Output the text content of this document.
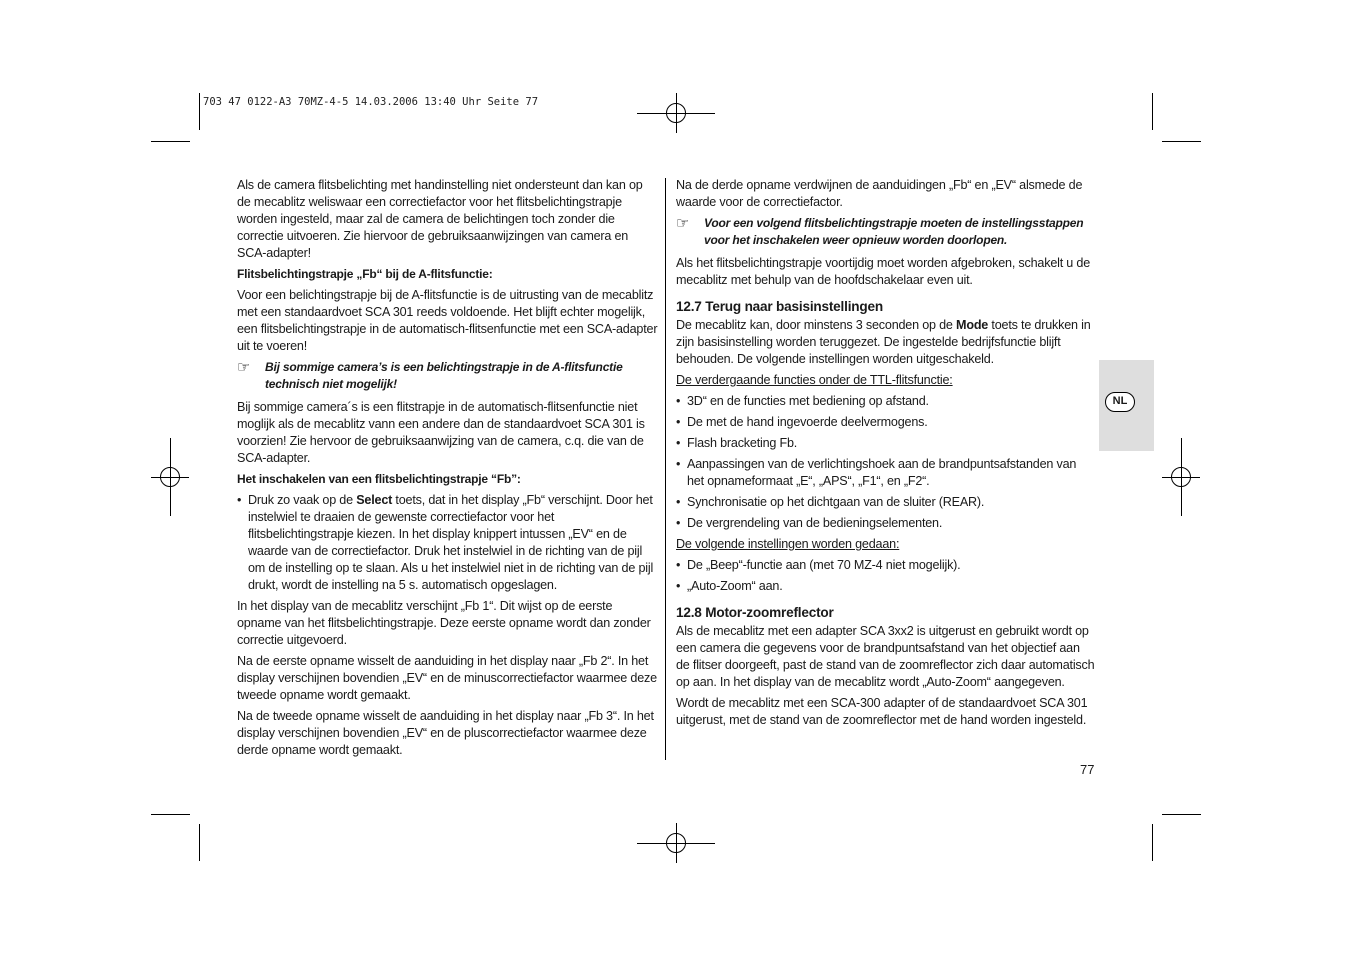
703 47 0122-A3 70MZ-4-5 14.03.2006 13:40 Uhr Seite 77

Als de camera flitsbelichting met handinstelling niet ondersteunt dan kan op de mecablitz weliswaar een correctiefactor voor het flitsbelichtingstrapje worden ingesteld, maar zal de camera de belichtingen toch zonder die correctie uitvoeren. Zie hiervoor de gebruiksaanwijzingen van camera en SCA-adapter!

Flitsbelichtingstrapje „Fb“ bij de A-flitsfunctie:

Voor een belichtingstrapje bij de A-flitsfunctie is de uitrusting van de mecablitz met een standaardvoet SCA 301 reeds voldoende. Het blijft echter mogelijk, een flitsbelichtingstrapje in de automatisch-flitsenfunctie met een SCA-adapter uit te voeren!

☞	Bij sommige camera’s is een belichtingstrapje in de A-flitsfunctie technisch niet mogelijk!

Bij sommige camera´s is een flitstrapje in de automatisch-flitsenfunctie niet moglijk als de mecablitz vann een andere dan de standaardvoet SCA 301 is voorzien! Zie hervoor de gebruiksaanwijzing van de camera, c.q. die van de SCA-adapter.

Het inschakelen van een flitsbelichtingstrapje “Fb”:
• Druk zo vaak op de Select toets, dat in het display „Fb“ verschijnt. Door het instelwiel te draaien de gewenste correctiefactor voor het flitsbelichtingstrapje kiezen. In het display knippert intussen „EV“ en de waarde van de correctiefactor. Druk het instelwiel in de richting van de pijl om de instelling op te slaan. Als u het instelwiel niet in de richting van de pijl drukt, wordt de instelling na 5 s. automatisch opgeslagen.

In het display van de mecablitz verschijnt „Fb 1“. Dit wijst op de eerste opname van het flitsbelichtingstrapje. Deze eerste opname wordt dan zonder correctie uitgevoerd.

Na de eerste opname wisselt de aanduiding in het display naar „Fb 2“. In het display verschijnen bovendien „EV“ en de minuscorrectiefactor waarmee deze tweede opname wordt gemaakt.

Na de tweede opname wisselt de aanduiding in het display naar „Fb 3“. In het display verschijnen bovendien „EV“ en de pluscorrectiefactor waarmee deze derde opname wordt gemaakt.

Na de derde opname verdwijnen de aanduidingen „Fb“ en „EV“ alsmede de waarde voor de correctiefactor.

☞	Voor een volgend flitsbelichtingstrapje moeten de instellingsstappen voor het inschakelen weer opnieuw worden doorlopen.

Als het flitsbelichtingstrapje voortijdig moet worden afgebroken, schakelt u de mecablitz met behulp van de hoofdschakelaar even uit.

12.7 Terug naar basisinstellingen

De mecablitz kan, door minstens 3 seconden op de Mode toets te drukken in zijn basisinstelling worden teruggezet. De ingestelde bedrijfsfunctie blijft behouden. De volgende instellingen worden uitgeschakeld.

De verdergaande functies onder de TTL-flitsfunctie:
• 3D“ en de functies met bediening op afstand.
• De met de hand ingevoerde deelvermogens.
• Flash bracketing Fb.
• Aanpassingen van de verlichtingshoek aan de brandpuntsafstanden van het opnameformaat „E“, „APS“, „F1“, en „F2“.
• Synchronisatie op het dichtgaan van de sluiter (REAR).
• De vergrendeling van de bedieningselementen.
De volgende instellingen worden gedaan:
• De „Beep“-functie aan (met 70 MZ-4 niet mogelijk).
• „Auto-Zoom“ aan.
12.8 Motor-zoomreflector

Als de mecablitz met een adapter SCA 3xx2 is uitgerust en gebruikt wordt op een camera die gegevens voor de brandpuntsafstand van het objectief aan de flitser doorgeeft, past de stand van de zoomreflector zich daar automatisch op aan. In het display van de mecablitz wordt „Auto-Zoom“ aangegeven.

Wordt de mecablitz met een SCA-300 adapter of de standaardvoet SCA 301 uitgerust, met de stand van de zoomreflector met de hand worden ingesteld.

NL
77
